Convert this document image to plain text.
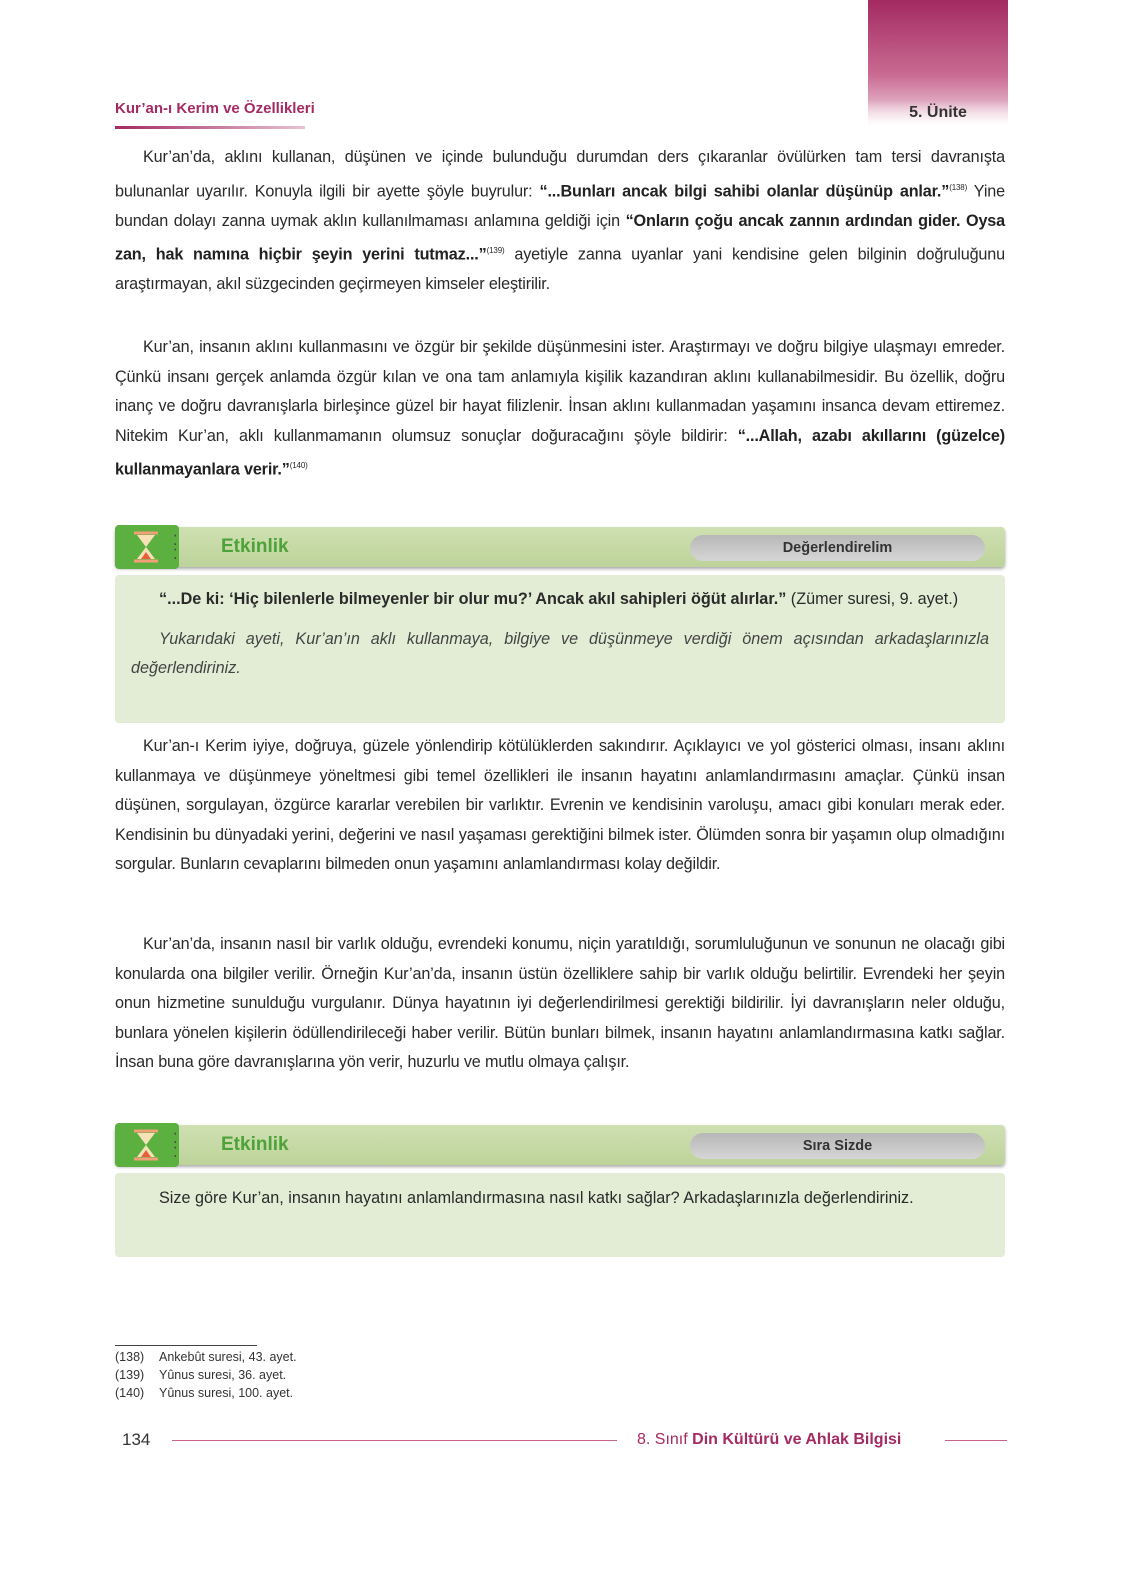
5. Ünite
Kur’an-ı Kerim ve Özellikleri

Kur’an’da, aklını kullanan, düşünen ve içinde bulunduğu durumdan ders çıkaranlar övülürken tam tersi davranışta bulunanlar uyarılır. Konuyla ilgili bir ayette şöyle buyrulur: “...Bunları ancak bilgi sahibi olanlar düşünüp anlar.”$^{(138)}$ Yine bundan dolayı zanna uymak aklın kullanılmaması anlamına geldiği için “Onların çoğu ancak zannın ardından gider. Oysa zan, hak namına hiçbir şeyin yerini tutmaz...”$^{(139)}$ ayetiyle zanna uyanlar yani kendisine gelen bilginin doğruluğunu araştırmayan, akıl süzgecinden geçirmeyen kimseler eleştirilir.

Kur’an, insanın aklını kullanmasını ve özgür bir şekilde düşünmesini ister. Araştırmayı ve doğru bilgiye ulaşmayı emreder. Çünkü insanı gerçek anlamda özgür kılan ve ona tam anlamıyla kişilik kazandıran aklını kullanabilmesidir. Bu özellik, doğru inanç ve doğru davranışlarla birleşince güzel bir hayat filizlenir. İnsan aklını kullanmadan yaşamını insanca devam ettiremez. Nitekim Kur’an, aklı kullanmamanın olumsuz sonuçlar doğuracağını şöyle bildirir: “...Allah, azabı akıllarını (güzelce) kullanmayanlara verir.”$^{(140)}$

⁚
⁚ Etkinlik	Değerlendirelim

“...De ki: ‘Hiç bilenlerle bilmeyenler bir olur mu?’ Ancak akıl sahipleri öğüt alırlar.” (Zümer suresi, 9. ayet.)

Yukarıdaki ayeti, Kur’an’ın aklı kullanmaya, bilgiye ve düşünmeye verdiği önem açısından arkadaşlarınızla değerlendiriniz.

Kur’an-ı Kerim iyiye, doğruya, güzele yönlendirip kötülüklerden sakındırır. Açıklayıcı ve yol gösterici olması, insanı aklını kullanmaya ve düşünmeye yöneltmesi gibi temel özellikleri ile insanın hayatını anlamlandırmasını amaçlar. Çünkü insan düşünen, sorgulayan, özgürce kararlar verebilen bir varlıktır. Evrenin ve kendisinin varoluşu, amacı gibi konuları merak eder. Kendisinin bu dünyadaki yerini, değerini ve nasıl yaşaması gerektiğini bilmek ister. Ölümden sonra bir yaşamın olup olmadığını sorgular. Bunların cevaplarını bilmeden onun yaşamını anlamlandırması kolay değildir.

Kur’an’da, insanın nasıl bir varlık olduğu, evrendeki konumu, niçin yaratıldığı, sorumluluğunun ve sonunun ne olacağı gibi konularda ona bilgiler verilir. Örneğin Kur’an’da, insanın üstün özelliklere sahip bir varlık olduğu belirtilir. Evrendeki her şeyin onun hizmetine sunulduğu vurgulanır. Dünya hayatının iyi değerlendirilmesi gerektiği bildirilir. İyi davranışların neler olduğu, bunlara yönelen kişilerin ödüllendirileceği haber verilir. Bütün bunları bilmek, insanın hayatını anlamlandırmasına katkı sağlar. İnsan buna göre davranışlarına yön verir, huzurlu ve mutlu olmaya çalışır.

⁚
⁚ Etkinlik	Sıra Sizde

Size göre Kur’an, insanın hayatını anlamlandırmasına nasıl katkı sağlar? Arkadaşlarınızla değerlendiriniz.

(138) Ankebût suresi, 43. ayet.
(139) Yûnus suresi, 36. ayet.
(140) Yûnus suresi, 100. ayet.
134	8. Sınıf Din Kültürü ve Ahlak Bilgisi
